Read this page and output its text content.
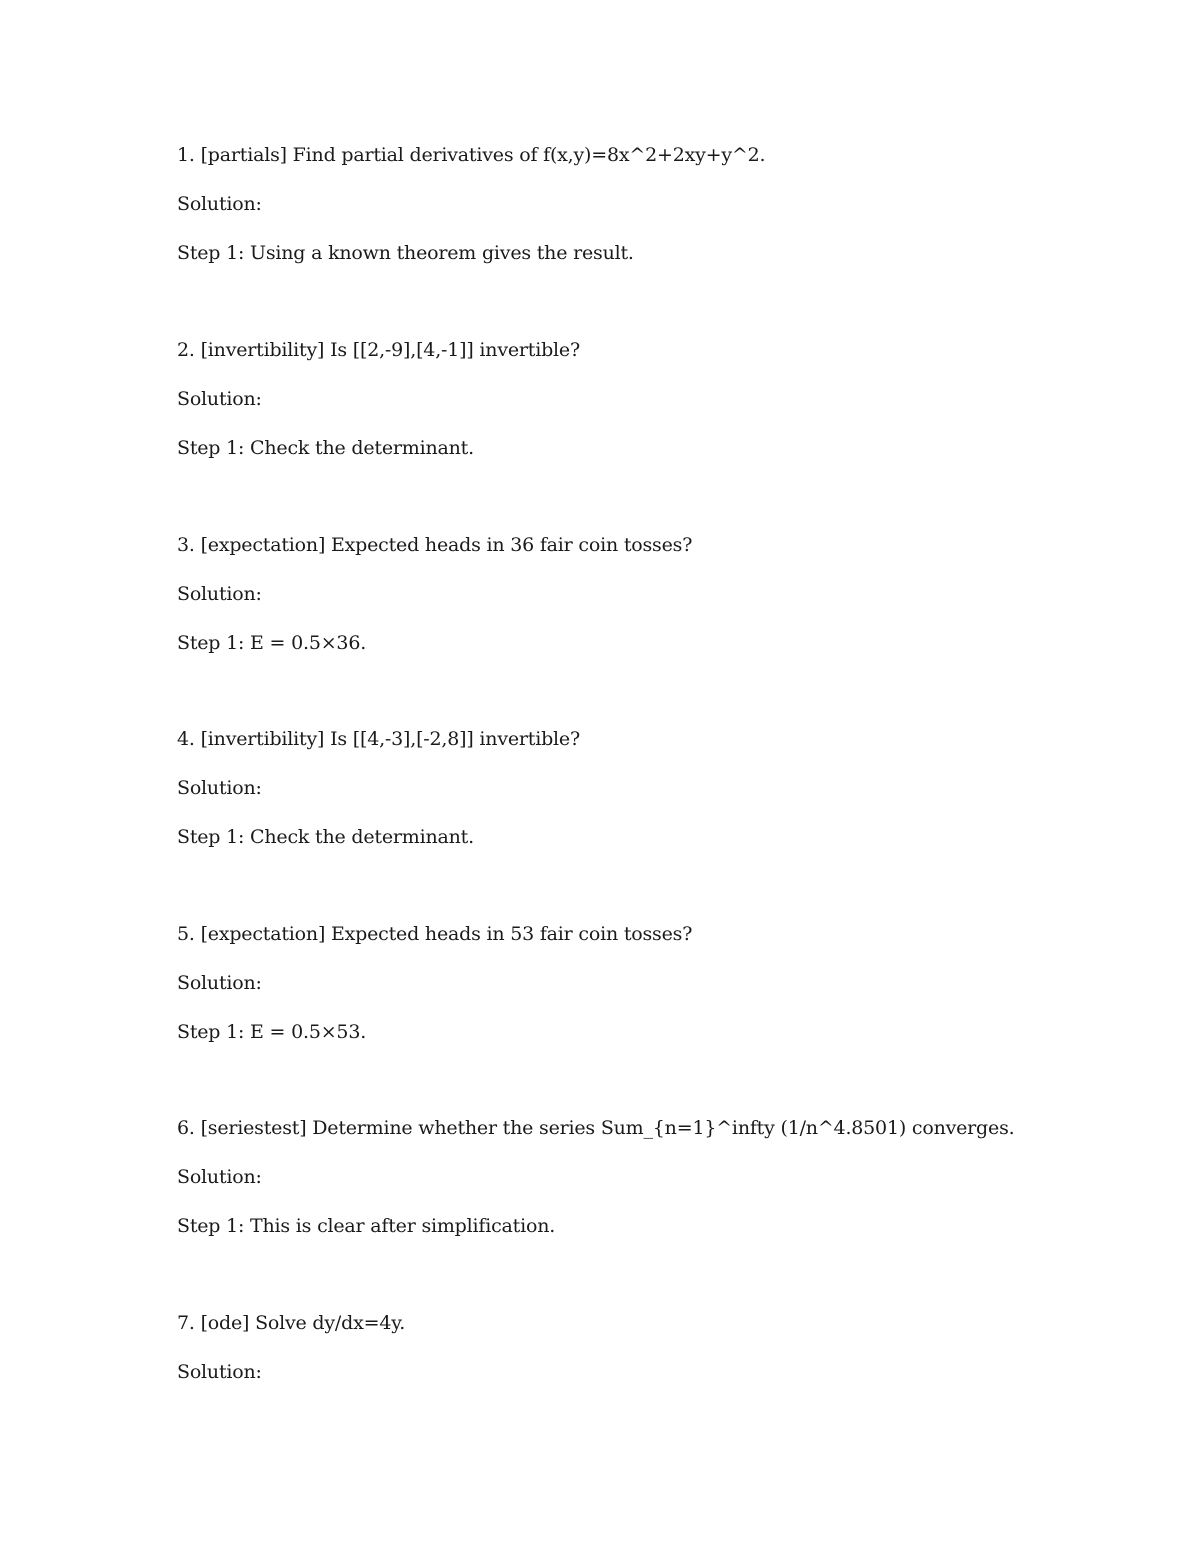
1. [partials] Find partial derivatives of f(x,y)=8x^2+2xy+y^2.
Solution:
Step 1: Using a known theorem gives the result.
2. [invertibility] Is [[2,-9],[4,-1]] invertible?
Solution:
Step 1: Check the determinant.
3. [expectation] Expected heads in 36 fair coin tosses?
Solution:
Step 1: E = 0.5×36.
4. [invertibility] Is [[4,-3],[-2,8]] invertible?
Solution:
Step 1: Check the determinant.
5. [expectation] Expected heads in 53 fair coin tosses?
Solution:
Step 1: E = 0.5×53.
6. [seriestest] Determine whether the series Sum_{n=1}^infty (1/n^4.8501) converges.
Solution:
Step 1: This is clear after simplification.
7. [ode] Solve dy/dx=4y.
Solution:
